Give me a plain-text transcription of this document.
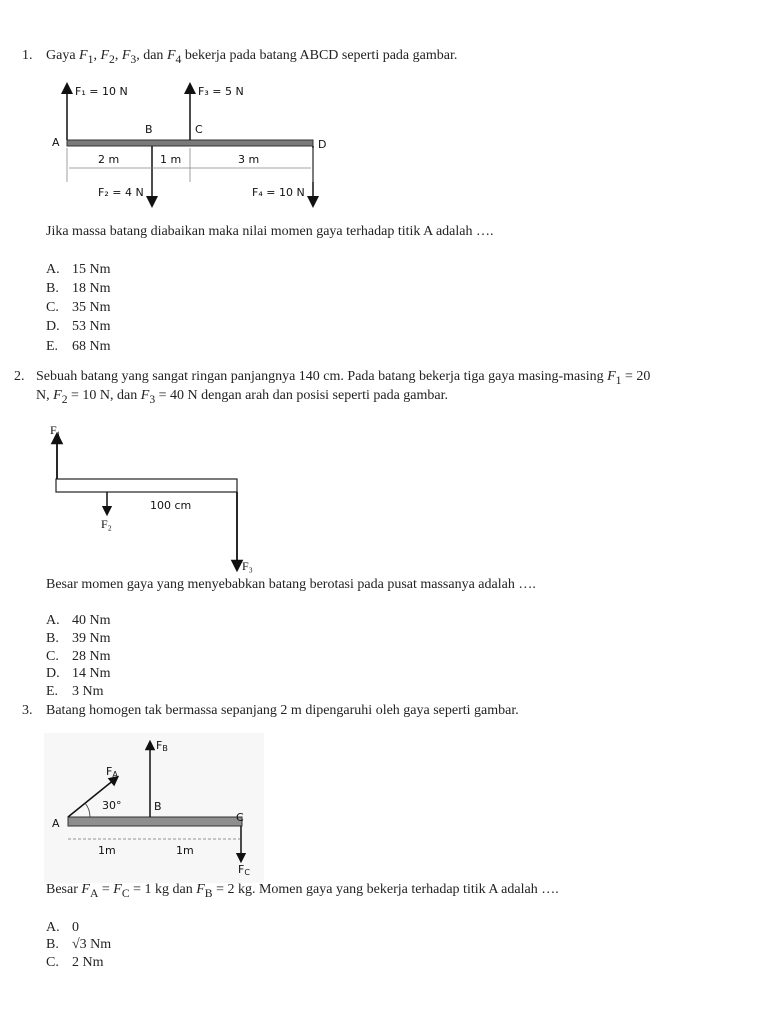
1. Gaya $F_1$, $F_2$, $F_3$, dan $F_4$ bekerja pada batang ABCD seperti pada gambar.
F₁ = 10 N	F₃ = 5 N
F₂ = 4 N	F₄ = 10 N
A
B	C
D
2 m	1 m	3 m
Jika massa batang diabaikan maka nilai momen gaya terhadap titik A adalah ….
A. 15 Nm
B. 18 Nm
C. 35 Nm
D. 53 Nm
E. 68 Nm
2. Sebuah batang yang sangat ringan panjangnya 140 cm. Pada batang bekerja tiga gaya masing-masing $F_1 = 20$
N, $F_2 = 10$ N, dan $F_3 = 40$ N dengan arah dan posisi seperti pada gambar.
F₁
F₂
F₃
100 cm
Besar momen gaya yang menyebabkan batang berotasi pada pusat massanya adalah ….
A. 40 Nm
B. 39 Nm
C. 28 Nm
D. 14 Nm
E. 3 Nm
3. Batang homogen tak bermassa sepanjang 2 m dipengaruhi oleh gaya seperti gambar.
FA
30°
FB
FC
A
B
C
1m	1m
Besar $F_A = F_C = 1$ kg dan $F_B = 2$ kg. Momen gaya yang bekerja terhadap titik A adalah ….
A. 0
B. √3 Nm
C. 2 Nm
